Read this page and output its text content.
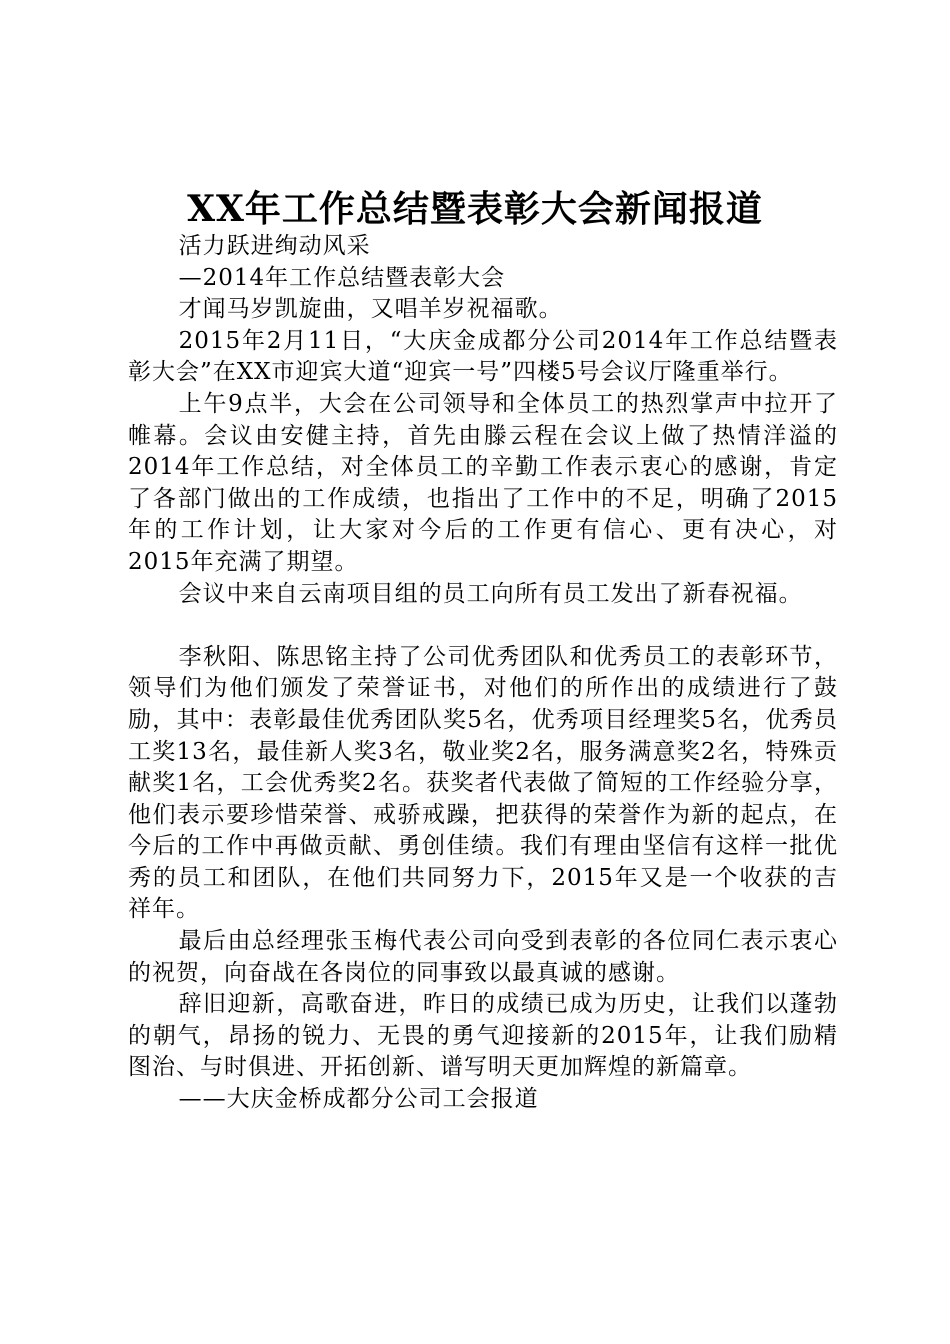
XX年工作总结暨表彰大会新闻报道

活力跃进绚动风采

—2014年工作总结暨表彰大会

才闻马岁凯旋曲，又唱羊岁祝福歌。

2015年2月11日，“大庆金成都分公司2014年工作总结暨表彰大会”在XX市迎宾大道“迎宾一号”四楼5号会议厅隆重举行。

上午9点半，大会在公司领导和全体员工的热烈掌声中拉开了帷幕。会议由安健主持，首先由滕云程在会议上做了热情洋溢的2014年工作总结，对全体员工的辛勤工作表示衷心的感谢，肯定了各部门做出的工作成绩，也指出了工作中的不足，明确了2015年的工作计划，让大家对今后的工作更有信心、更有决心，对2015年充满了期望。

会议中来自云南项目组的员工向所有员工发出了新春祝福。

李秋阳、陈思铭主持了公司优秀团队和优秀员工的表彰环节，领导们为他们颁发了荣誉证书，对他们的所作出的成绩进行了鼓励，其中：表彰最佳优秀团队奖5名，优秀项目经理奖5名，优秀员工奖13名，最佳新人奖3名，敬业奖2名，服务满意奖2名，特殊贡献奖1名，工会优秀奖2名。获奖者代表做了简短的工作经验分享，他们表示要珍惜荣誉、戒骄戒躁，把获得的荣誉作为新的起点，在今后的工作中再做贡献、勇创佳绩。我们有理由坚信有这样一批优秀的员工和团队，在他们共同努力下，2015年又是一个收获的吉祥年。

最后由总经理张玉梅代表公司向受到表彰的各位同仁表示衷心的祝贺，向奋战在各岗位的同事致以最真诚的感谢。

辞旧迎新，高歌奋进，昨日的成绩已成为历史，让我们以蓬勃的朝气，昂扬的锐力、无畏的勇气迎接新的2015年，让我们励精图治、与时俱进、开拓创新、谱写明天更加辉煌的新篇章。

——大庆金桥成都分公司工会报道
